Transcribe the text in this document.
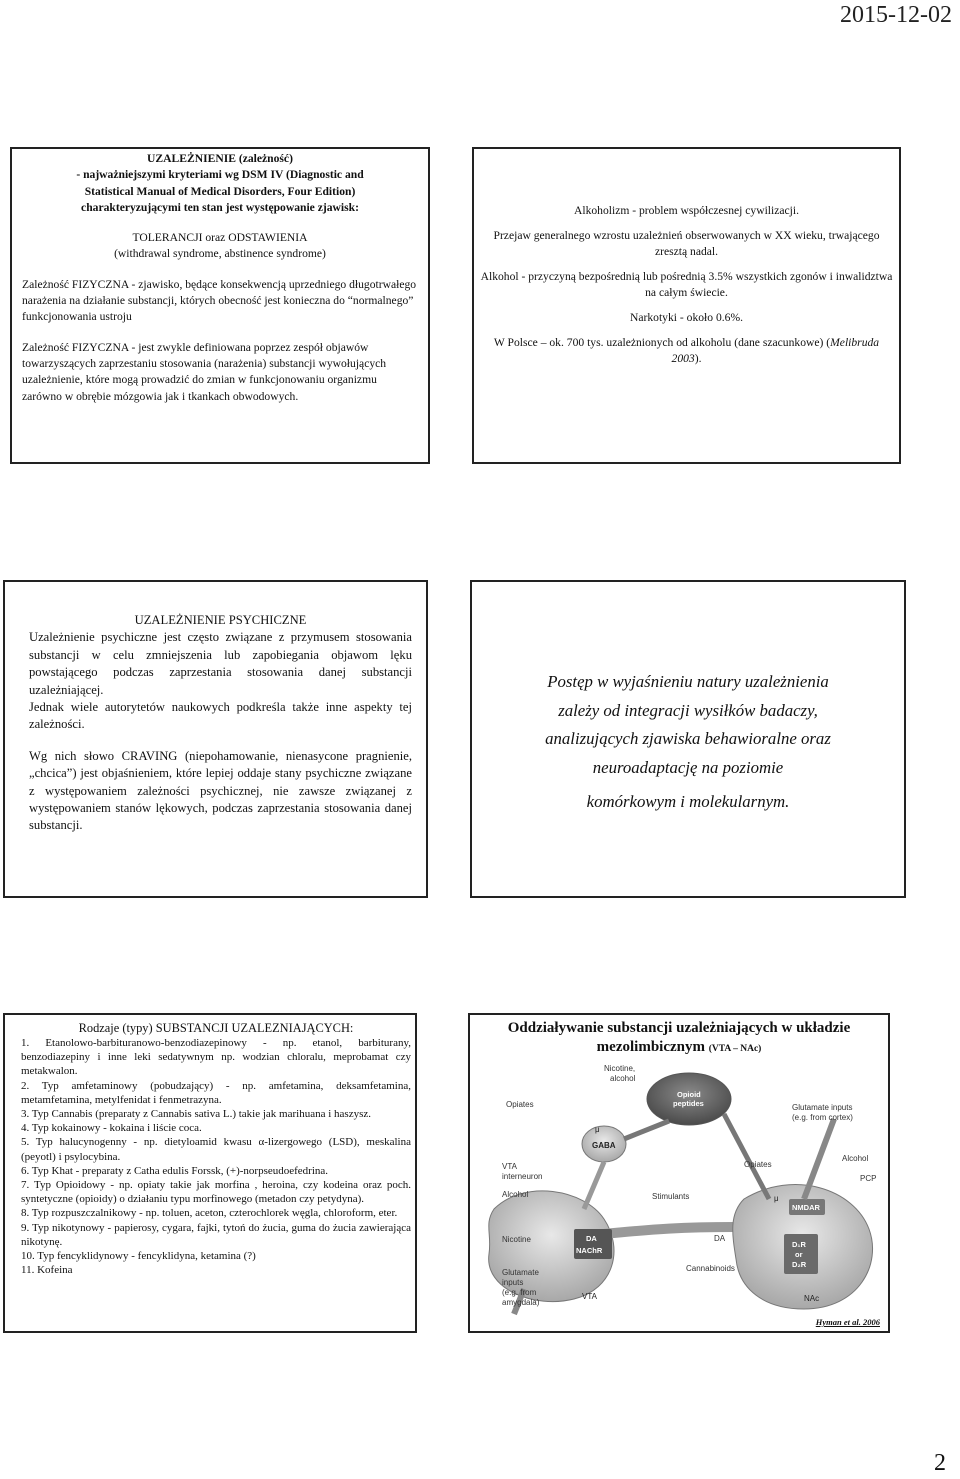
2015-12-02

UZALEŻNIENIE (zależność)

- najważniejszymi kryteriami wg DSM IV (Diagnostic and

Statistical Manual of Medical Disorders, Four Edition)

charakteryzującymi ten stan jest występowanie zjawisk:

TOLERANCJI oraz ODSTAWIENIA

(withdrawal syndrome, abstinence syndrome)

Zależność FIZYCZNA - zjawisko, będące konsekwencją uprzedniego długotrwałego narażenia na działanie substancji, których obecność jest konieczna do “normalnego” funkcjonowania ustroju

Zależność FIZYCZNA - jest zwykle definiowana poprzez zespół objawów towarzyszących zaprzestaniu stosowania (narażenia) substancji wywołujących uzależnienie, które mogą prowadzić do zmian w funkcjonowaniu organizmu zarówno w obrębie mózgowia jak i tkankach obwodowych.

Alkoholizm - problem współczesnej cywilizacji.

Przejaw generalnego wzrostu uzależnień obserwowanych w XX wieku, trwającego zresztą nadal.

Alkohol - przyczyną bezpośrednią lub pośrednią 3.5% wszystkich zgonów i inwalidztwa na całym świecie.

Narkotyki - około 0.6%.

W Polsce – ok. 700 tys. uzależnionych od alkoholu (dane szacunkowe) (Melibruda 2003).

UZALEŻNIENIE PSYCHICZNE

Uzależnienie psychiczne jest często związane z przymusem stosowania substancji w celu zmniejszenia lub zapobiegania objawom lęku powstającego podczas zaprzestania stosowania danej substancji uzależniającej.

Jednak wiele autorytetów naukowych podkreśla także inne aspekty tej zależności.

Wg nich słowo CRAVING (niepohamowanie, nienasycone pragnienie, „chcica”) jest objaśnieniem, które lepiej oddaje stany psychiczne związane z występowaniem zależności psychicznej, nie zawsze związanej z występowaniem stanów lękowych, podczas zaprzestania stosowania danej substancji.

Postęp w wyjaśnieniu natury uzależnienia

zależy od integracji wysiłków badaczy,

analizujących zjawiska behawioralne oraz

neuroadaptację na poziomie

komórkowym i molekularnym.

Rodzaje (typy) SUBSTANCJI UZALEZNIAJĄCYCH:

1. Etanolowo-barbituranowo-benzodiazepinowy - np. etanol, barbiturany, benzodiazepiny i inne leki sedatywnym np. wodzian chloralu, meprobamat czy metakwalon.

2. Typ amfetaminowy (pobudzający) - np. amfetamina, deksamfetamina, metamfetamina, metylfenidat i fenmetrazyna.

3. Typ Cannabis (preparaty z Cannabis sativa L.) takie jak marihuana i haszysz.

4. Typ kokainowy - kokaina i liście coca.

5. Typ halucynogenny - np. dietyloamid kwasu α-lizergowego (LSD), meskalina (peyotl) i psylocybina.

6. Typ Khat - preparaty z Catha edulis Forssk, (+)-norpseudoefedrina.

7. Typ Opioidowy - np. opiaty takie jak morfina , heroina, czy kodeina oraz poch. syntetyczne (opioidy) o działaniu typu morfinowego (metadon czy petydyna).

8. Typ rozpuszczalnikowy - np. toluen, aceton, czterochlorek węgla, chloroform, eter.

9. Typ nikotynowy - papierosy, cygara, fajki, tytoń do żucia, guma do żucia zawierająca nikotynę.

10. Typ fencyklidynowy - fencyklidyna, ketamina (?)

11. Kofeina

Oddziaływanie substancji uzależniających w układzie mezolimbicznym (VTA – NAc)
Nicotine,
alcohol
Opiates
Opioid
peptides	Glutamate inputs
(e.g. from cortex)
VTA
interneuron
GABA
μ
Alcohol
Opiates
Alcohol
PCP
Stimulants
NMDAR
μ
DA
NAChR
Nicotine	DA
D₁R
or
D₂R
Cannabinoids
Glutamate
inputs
(e.g. from
amygdala)
VTA	NAc
Hyman et al. 2006
2
